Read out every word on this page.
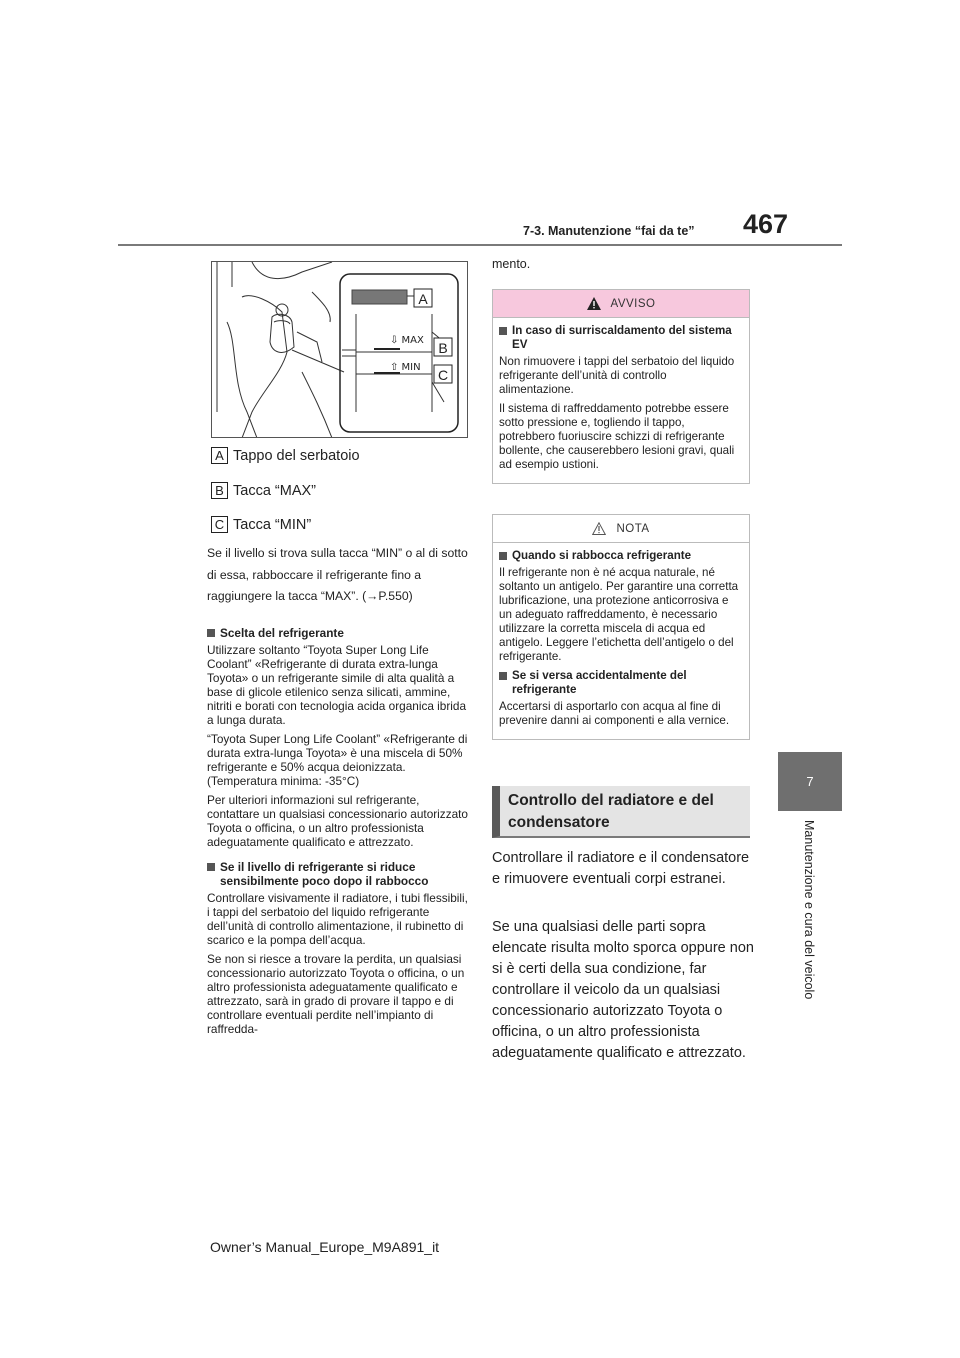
7-3. Manutenzione “fai da te” 467
7
Manutenzione e cura del veicolo
⇩ MAX
⇧ MIN
A
B
C
A Tappo del serbatoio
B Tacca “MAX”
C Tacca “MIN”
Se il livello si trova sulla tacca “MIN” o al di sotto di essa, rabboccare il refrigerante fino a raggiungere la tacca “MAX”. (→P.550)
Scelta del refrigerante
Utilizzare soltanto “Toyota Super Long Life Coolant” «Refrigerante di durata extra-lunga Toyota» o un refrigerante simile di alta qualità a base di glicole etilenico senza silicati, ammine, nitriti e borati con tecnologia acida organica ibrida a lunga durata.
“Toyota Super Long Life Coolant” «Refrigerante di durata extra-lunga Toyota» è una miscela di 50% refrigerante e 50% acqua deionizzata.
(Temperatura minima: -35°C)
Per ulteriori informazioni sul refrigerante, contattare un qualsiasi concessionario autorizzato Toyota o officina, o un altro professionista adeguatamente qualificato e attrezzato.
Se il livello di refrigerante si riduce sensibilmente poco dopo il rabbocco
Controllare visivamente il radiatore, i tubi flessibili, i tappi del serbatoio del liquido refrigerante dell’unità di controllo alimentazione, il rubinetto di scarico e la pompa dell’acqua.
Se non si riesce a trovare la perdita, un qualsiasi concessionario autorizzato Toyota o officina, o un altro professionista adeguatamente qualificato e attrezzato, sarà in grado di provare il tappo e di controllare eventuali perdite nell’impianto di raffredda-
mento.
AVVISO
In caso di surriscaldamento del sistema EV
Non rimuovere i tappi del serbatoio del liquido refrigerante dell’unità di controllo alimentazione.
Il sistema di raffreddamento potrebbe essere sotto pressione e, togliendo il tappo, potrebbero fuoriuscire schizzi di refrigerante bollente, che causerebbero lesioni gravi, quali ad esempio ustioni.
NOTA
Quando si rabbocca refrigerante
Il refrigerante non è né acqua naturale, né soltanto un antigelo. Per garantire una corretta lubrificazione, una protezione anticorrosiva e un adeguato raffreddamento, è necessario utilizzare la corretta miscela di acqua ed antigelo. Leggere l’etichetta dell’antigelo o del refrigerante.
Se si versa accidentalmente del refrigerante
Accertarsi di asportarlo con acqua al fine di prevenire danni ai componenti e alla vernice.
Controllo del radiatore e del condensatore
Controllare il radiatore e il condensatore e rimuovere eventuali corpi estranei.
Se una qualsiasi delle parti sopra elencate risulta molto sporca oppure non si è certi della sua condizione, far controllare il veicolo da un qualsiasi concessionario autorizzato Toyota o officina, o un altro professionista adeguatamente qualificato e attrezzato.
Owner’s Manual_Europe_M9A891_it
